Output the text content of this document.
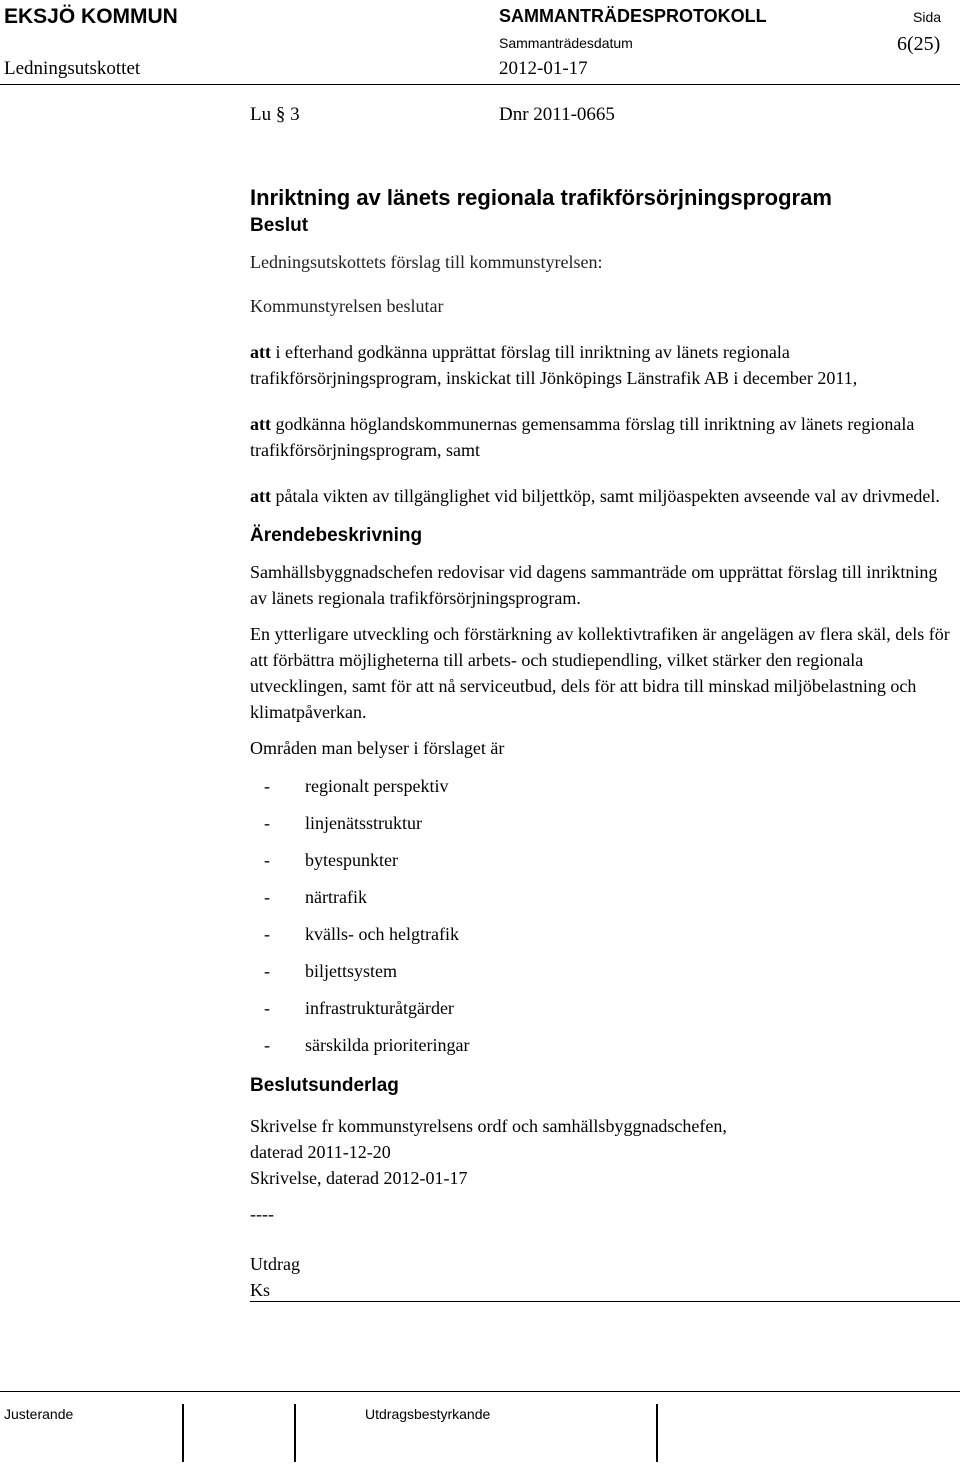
EKSJÖ KOMMUN	SAMMANTRÄDESPROTOKOLL	Sida
Sammanträdesdatum	6(25)
Ledningsutskottet	2012-01-17
Lu § 3	Dnr 2011-0665
Inriktning av länets regionala trafikförsörjningsprogram
Beslut

Ledningsutskottets förslag till kommunstyrelsen:

Kommunstyrelsen beslutar

att i efterhand godkänna upprättat förslag till inriktning av länets regionala trafikförsörjningsprogram, inskickat till Jönköpings Länstrafik AB i december 2011,

att godkänna höglandskommunernas gemensamma förslag till inriktning av länets regionala trafikförsörjningsprogram, samt

att påtala vikten av tillgänglighet vid biljettköp, samt miljöaspekten avseende val av drivmedel.

Ärendebeskrivning

Samhällsbyggnadschefen redovisar vid dagens sammanträde om upprättat förslag till inriktning av länets regionala trafikförsörjningsprogram.

En ytterligare utveckling och förstärkning av kollektivtrafiken är angelägen av flera skäl, dels för att förbättra möjligheterna till arbets- och studiependling, vilket stärker den regionala utvecklingen, samt för att nå serviceutbud, dels för att bidra till minskad miljöbelastning och klimatpåverkan.

Områden man belyser i förslaget är

- regionalt perspektiv
- linjenätsstruktur
- bytespunkter
- närtrafik
- kvälls- och helgtrafik
- biljettsystem
- infrastrukturåtgärder
- särskilda prioriteringar
Beslutsunderlag

Skrivelse fr kommunstyrelsens ordf och samhällsbyggnadschefen,

daterad 2011-12-20

Skrivelse, daterad 2012-01-17

----

Utdrag

Ks

Justerande	Utdragsbestyrkande
